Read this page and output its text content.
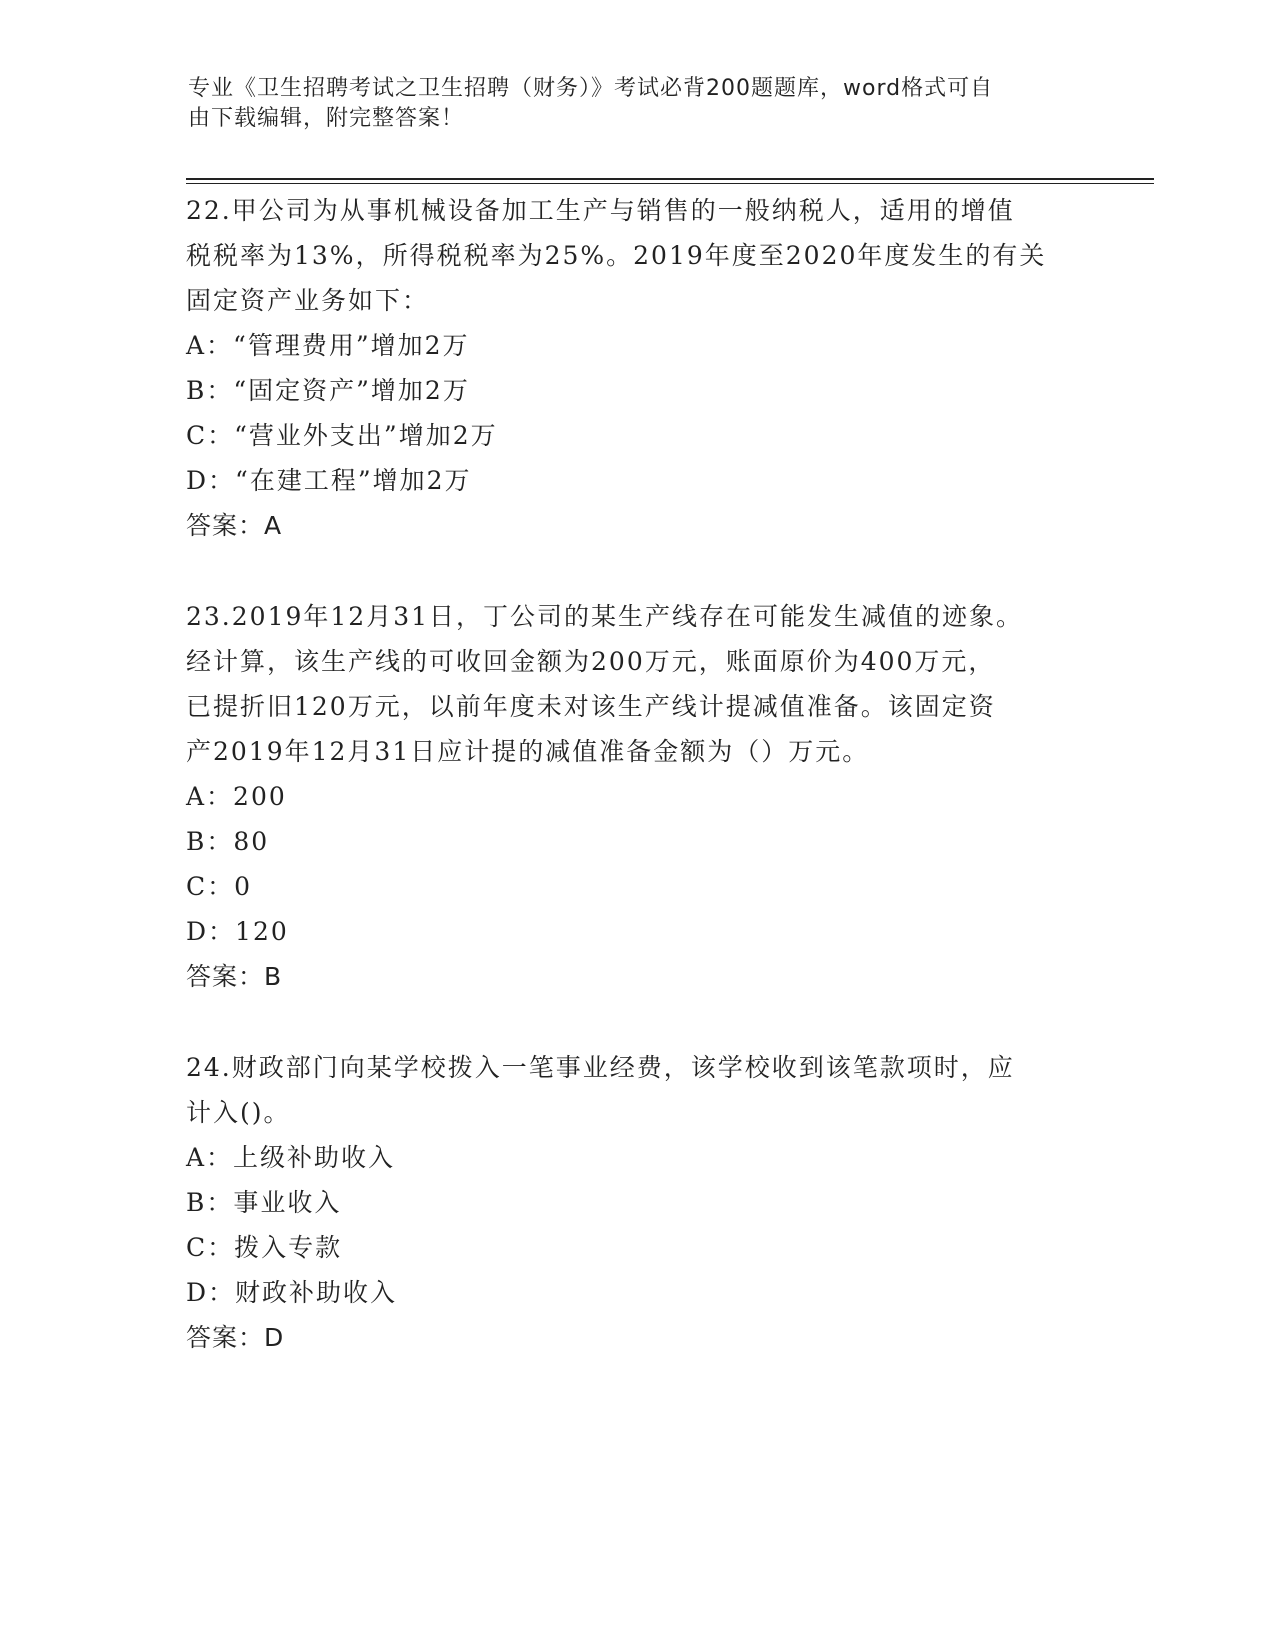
专业《卫生招聘考试之卫生招聘（财务）》考试必背200题题库，word格式可自
由下载编辑，附完整答案！

22.甲公司为从事机械设备加工生产与销售的一般纳税人，适用的增值

税税率为13%，所得税税率为25%。2019年度至2020年度发生的有关

固定资产业务如下：

A：“管理费用”增加2万

B：“固定资产”增加2万

C：“营业外支出”增加2万

D：“在建工程”增加2万

答案：A

23.2019年12月31日，丁公司的某生产线存在可能发生减值的迹象。

经计算，该生产线的可收回金额为200万元，账面原价为400万元，

已提折旧120万元，以前年度未对该生产线计提减值准备。该固定资

产2019年12月31日应计提的减值准备金额为（）万元。

A：200

B：80

C：0

D：120

答案：B

24.财政部门向某学校拨入一笔事业经费，该学校收到该笔款项时，应

计入()。

A：上级补助收入

B：事业收入

C：拨入专款

D：财政补助收入

答案：D
